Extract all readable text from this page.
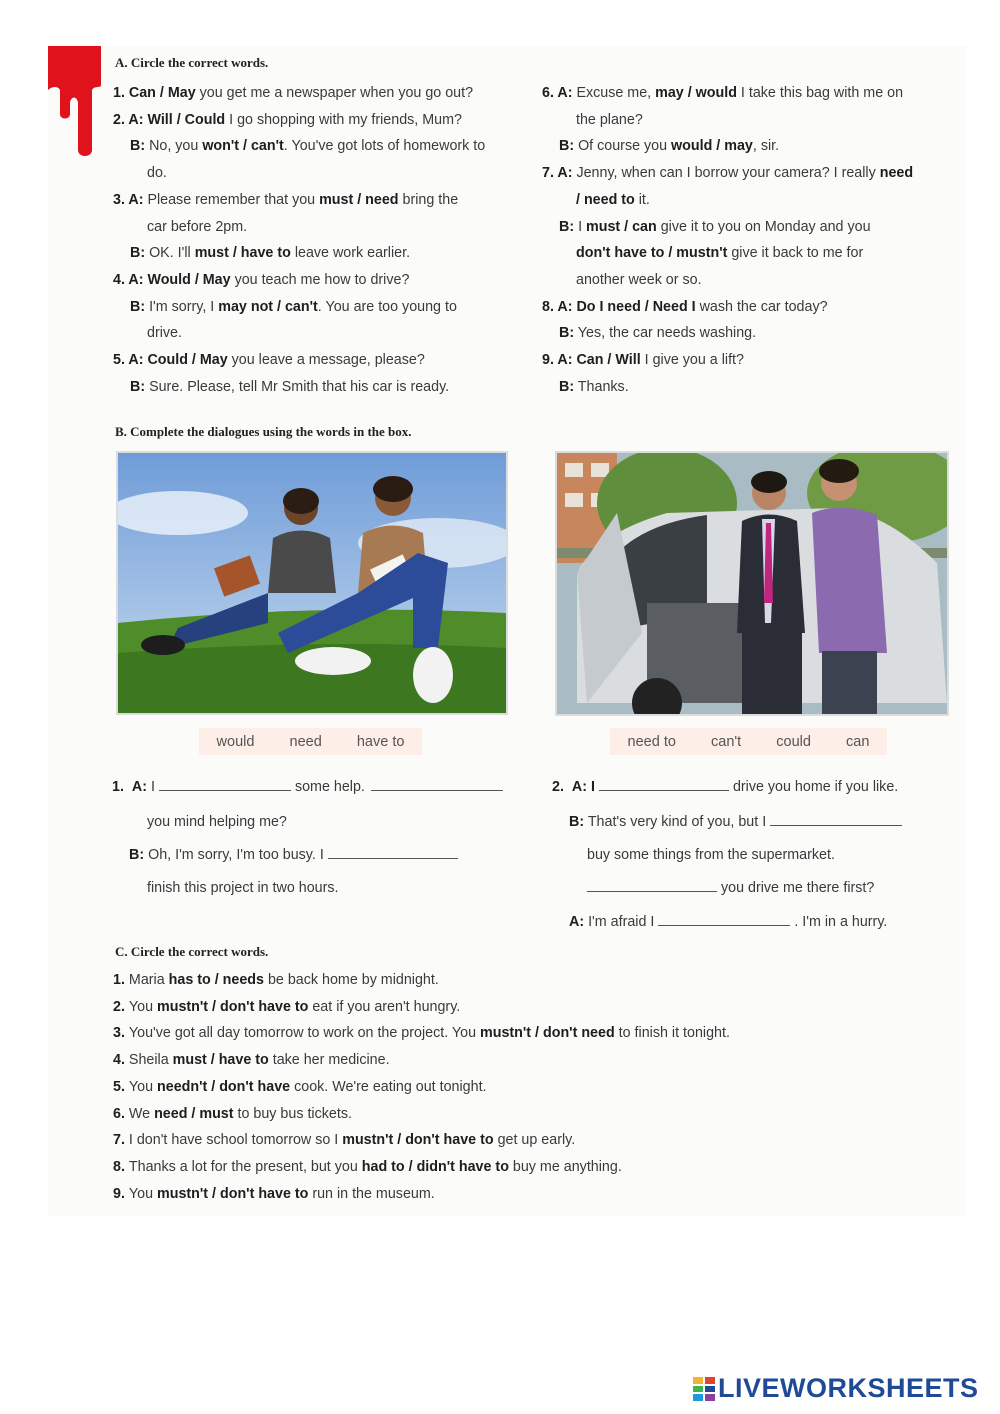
A. Circle the correct words.
1. Can / May you get me a newspaper when you go out?
2. A: Will / Could I go shopping with my friends, Mum?
B: No, you won't / can't. You've got lots of homework to
do.
3. A: Please remember that you must / need bring the
car before 2pm.
B: OK. I'll must / have to leave work earlier.
4. A: Would / May you teach me how to drive?
B: I'm sorry, I may not / can't. You are too young to
drive.
5. A: Could / May you leave a message, please?
B: Sure. Please, tell Mr Smith that his car is ready.
6. A: Excuse me, may / would I take this bag with me on
the plane?
B: Of course you would / may, sir.
7. A: Jenny, when can I borrow your camera? I really need
/ need to it.
B: I must / can give it to you on Monday and you
don't have to / mustn't give it back to me for
another week or so.
8. A: Do I need / Need I wash the car today?
B: Yes, the car needs washing.
9. A: Can / Will I give you a lift?
B: Thanks.
B. Complete the dialogues using the words in the box.
would need have to	need to can't could can
1. A: I	some help.
you mind helping me?
B: Oh, I'm sorry, I'm too busy. I
finish this project in two hours.
2. A: I	drive you home if you like.
B: That's very kind of you, but I
buy some things from the supermarket.
you drive me there first?
A: I'm afraid I	. I'm in a hurry.
C. Circle the correct words.
1. Maria has to / needs be back home by midnight.
2. You mustn't / don't have to eat if you aren't hungry.
3. You've got all day tomorrow to work on the project. You mustn't / don't need to finish it tonight.
4. Sheila must / have to take her medicine.
5. You needn't / don't have cook. We're eating out tonight.
6. We need / must to buy bus tickets.
7. I don't have school tomorrow so I mustn't / don't have to get up early.
8. Thanks a lot for the present, but you had to / didn't have to buy me anything.
9. You mustn't / don't have to run in the museum.
LIVEWORKSHEETS
